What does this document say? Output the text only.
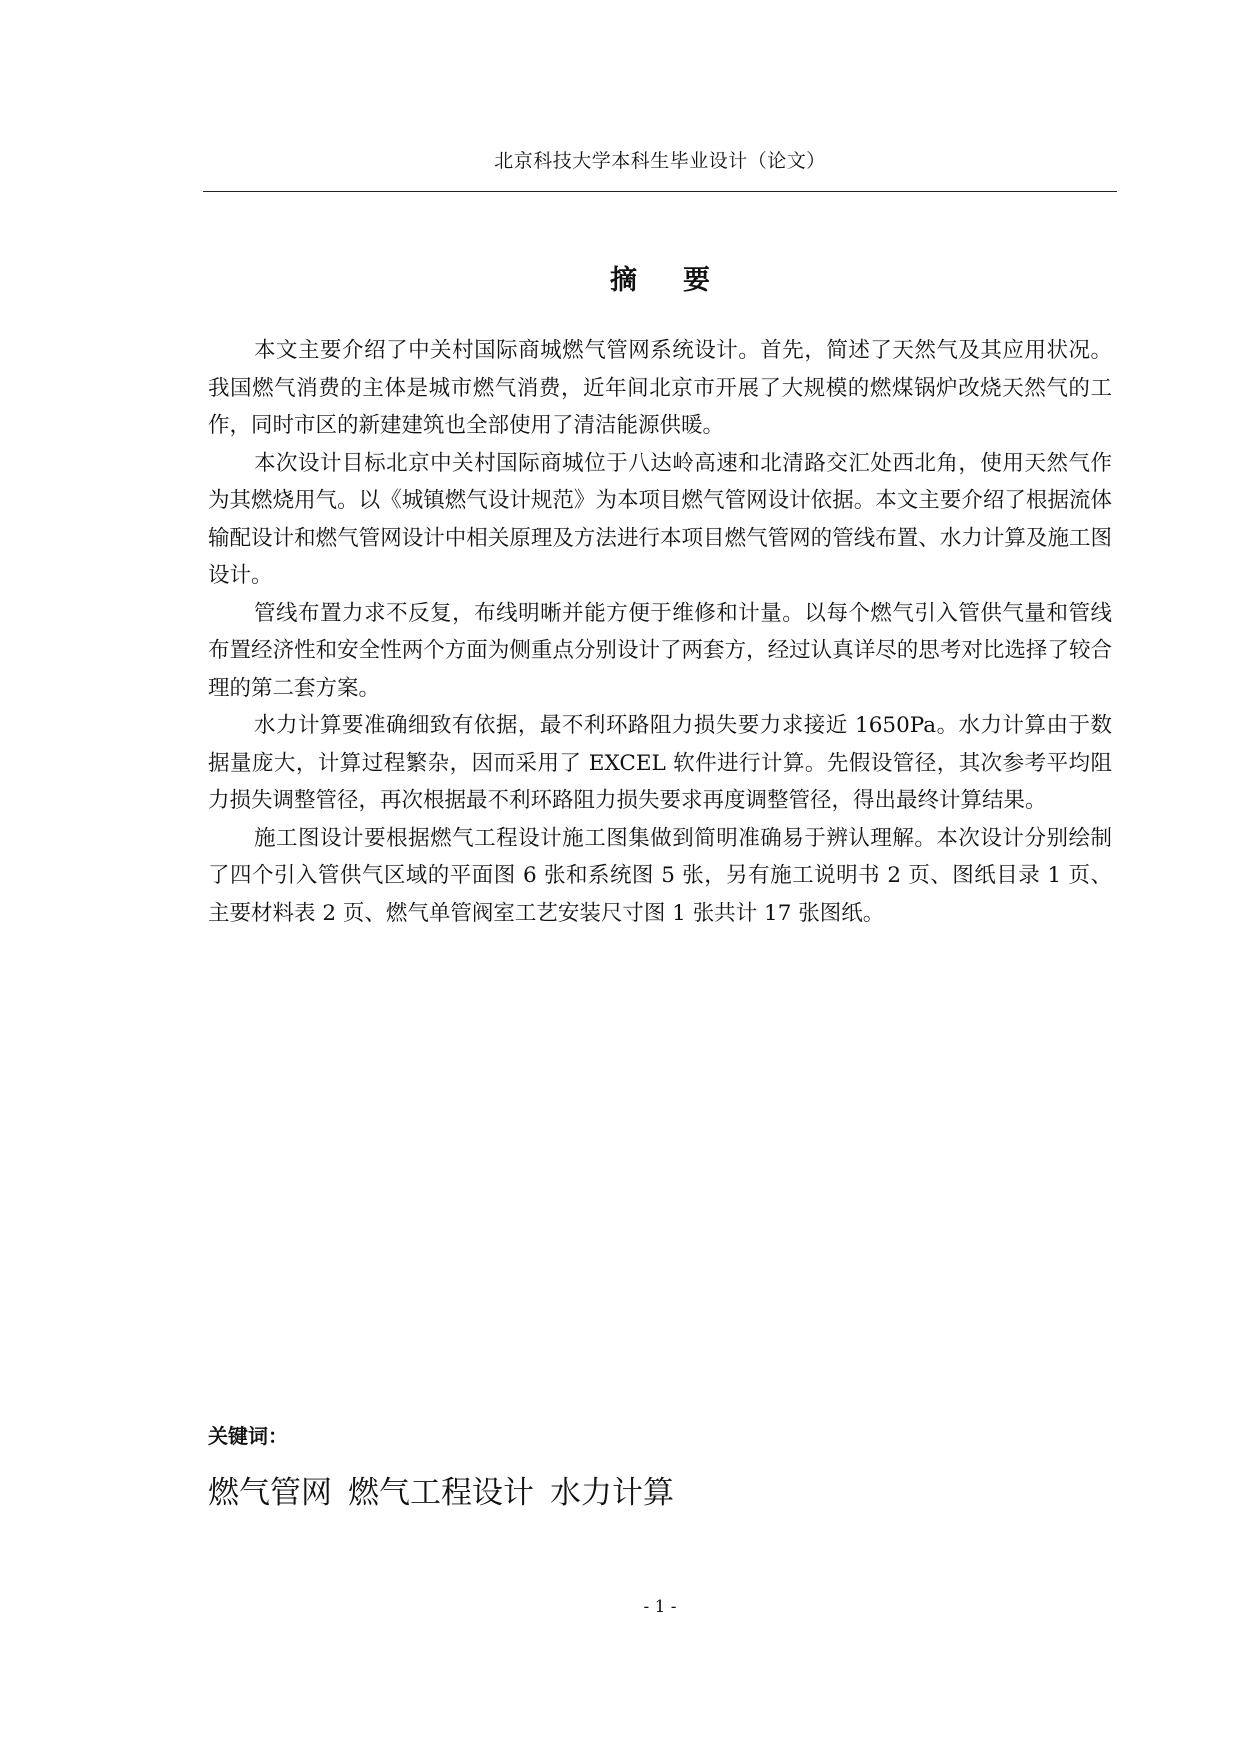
北京科技大学本科生毕业设计（论文）
摘要

本文主要介绍了中关村国际商城燃气管网系统设计。首先，简述了天然气及其应用状况。我国燃气消费的主体是城市燃气消费，近年间北京市开展了大规模的燃煤锅炉改烧天然气的工作，同时市区的新建建筑也全部使用了清洁能源供暖。

本次设计目标北京中关村国际商城位于八达岭高速和北清路交汇处西北角，使用天然气作为其燃烧用气。以《城镇燃气设计规范》为本项目燃气管网设计依据。本文主要介绍了根据流体输配设计和燃气管网设计中相关原理及方法进行本项目燃气管网的管线布置、水力计算及施工图设计。

管线布置力求不反复，布线明晰并能方便于维修和计量。以每个燃气引入管供气量和管线布置经济性和安全性两个方面为侧重点分别设计了两套方，经过认真详尽的思考对比选择了较合理的第二套方案。

水力计算要准确细致有依据，最不利环路阻力损失要力求接近 1650Pa。水力计算由于数据量庞大，计算过程繁杂，因而采用了 EXCEL 软件进行计算。先假设管径，其次参考平均阻力损失调整管径，再次根据最不利环路阻力损失要求再度调整管径，得出最终计算结果。

施工图设计要根据燃气工程设计施工图集做到简明准确易于辨认理解。本次设计分别绘制了四个引入管供气区域的平面图 6 张和系统图 5 张，另有施工说明书 2 页、图纸目录 1 页、主要材料表 2 页、燃气单管阀室工艺安装尺寸图 1 张共计 17 张图纸。

关键词：
燃气管网 燃气工程设计 水力计算
- 1 -
